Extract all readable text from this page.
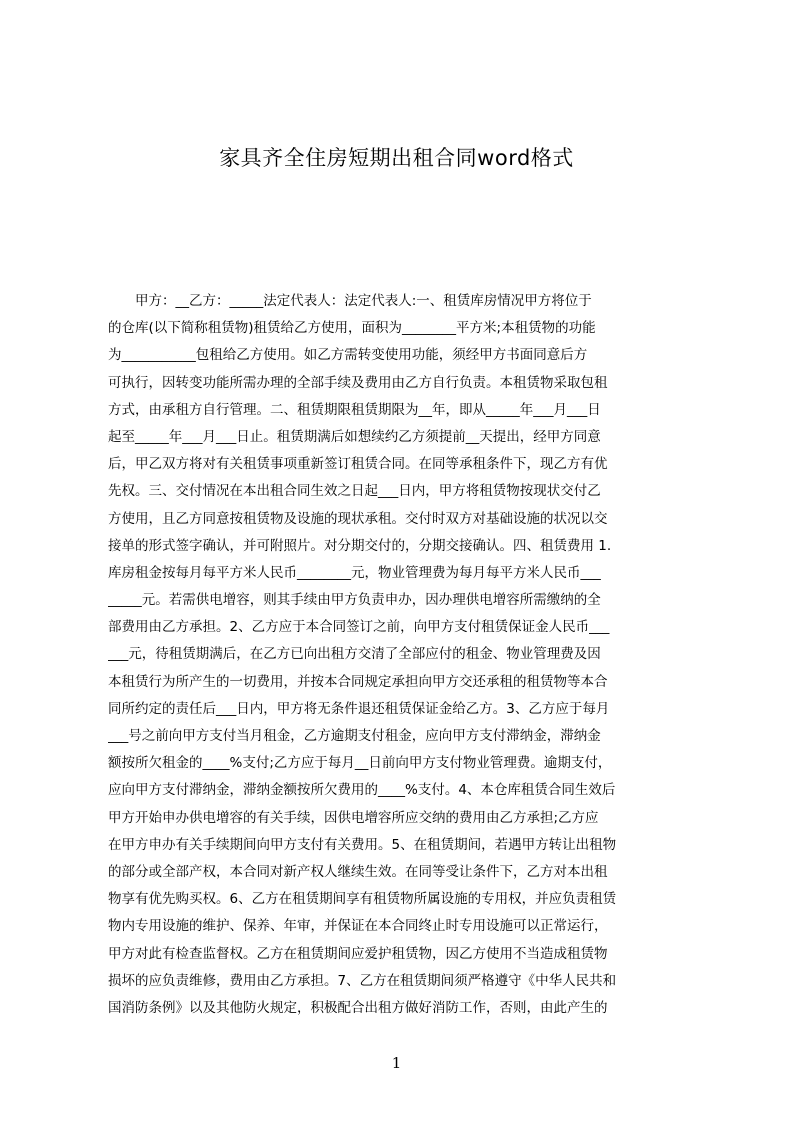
家具齐全住房短期出租合同word格式
　　甲方：__乙方：_____法定代表人：法定代表人:一、租赁库房情况甲方将位于
的仓库(以下简称租赁物)租赁给乙方使用，面积为________平方米;本租赁物的功能
为___________包租给乙方使用。如乙方需转变使用功能，须经甲方书面同意后方
可执行，因转变功能所需办理的全部手续及费用由乙方自行负责。本租赁物采取包租
方式，由承租方自行管理。二、租赁期限租赁期限为__年，即从_____年___月___日
起至_____年___月___日止。租赁期满后如想续约乙方须提前__天提出，经甲方同意
后，甲乙双方将对有关租赁事项重新签订租赁合同。在同等承租条件下，现乙方有优
先权。三、交付情况在本出租合同生效之日起___日内，甲方将租赁物按现状交付乙
方使用，且乙方同意按租赁物及设施的现状承租。交付时双方对基础设施的状况以交
接单的形式签字确认，并可附照片。对分期交付的，分期交接确认。四、租赁费用 1.
库房租金按每月每平方米人民币________元，物业管理费为每月每平方米人民币___
_____元。若需供电增容，则其手续由甲方负责申办，因办理供电增容所需缴纳的全
部费用由乙方承担。2、乙方应于本合同签订之前，向甲方支付租赁保证金人民币___
___元，待租赁期满后，在乙方已向出租方交清了全部应付的租金、物业管理费及因
本租赁行为所产生的一切费用，并按本合同规定承担向甲方交还承租的租赁物等本合
同所约定的责任后___日内，甲方将无条件退还租赁保证金给乙方。3、乙方应于每月
___号之前向甲方支付当月租金，乙方逾期支付租金，应向甲方支付滞纳金，滞纳金
额按所欠租金的____%支付;乙方应于每月__日前向甲方支付物业管理费。逾期支付，
应向甲方支付滞纳金，滞纳金额按所欠费用的____%支付。4、本仓库租赁合同生效后
甲方开始申办供电增容的有关手续，因供电增容所应交纳的费用由乙方承担;乙方应
在甲方申办有关手续期间向甲方支付有关费用。5、在租赁期间，若遇甲方转让出租物
的部分或全部产权，本合同对新产权人继续生效。在同等受让条件下，乙方对本出租
物享有优先购买权。6、乙方在租赁期间享有租赁物所属设施的专用权，并应负责租赁
物内专用设施的维护、保养、年审，并保证在本合同终止时专用设施可以正常运行，
甲方对此有检查监督权。乙方在租赁期间应爱护租赁物，因乙方使用不当造成租赁物
损坏的应负责维修，费用由乙方承担。7、乙方在租赁期间须严格遵守《中华人民共和
国消防条例》以及其他防火规定，积极配合出租方做好消防工作，否则，由此产生的
1
